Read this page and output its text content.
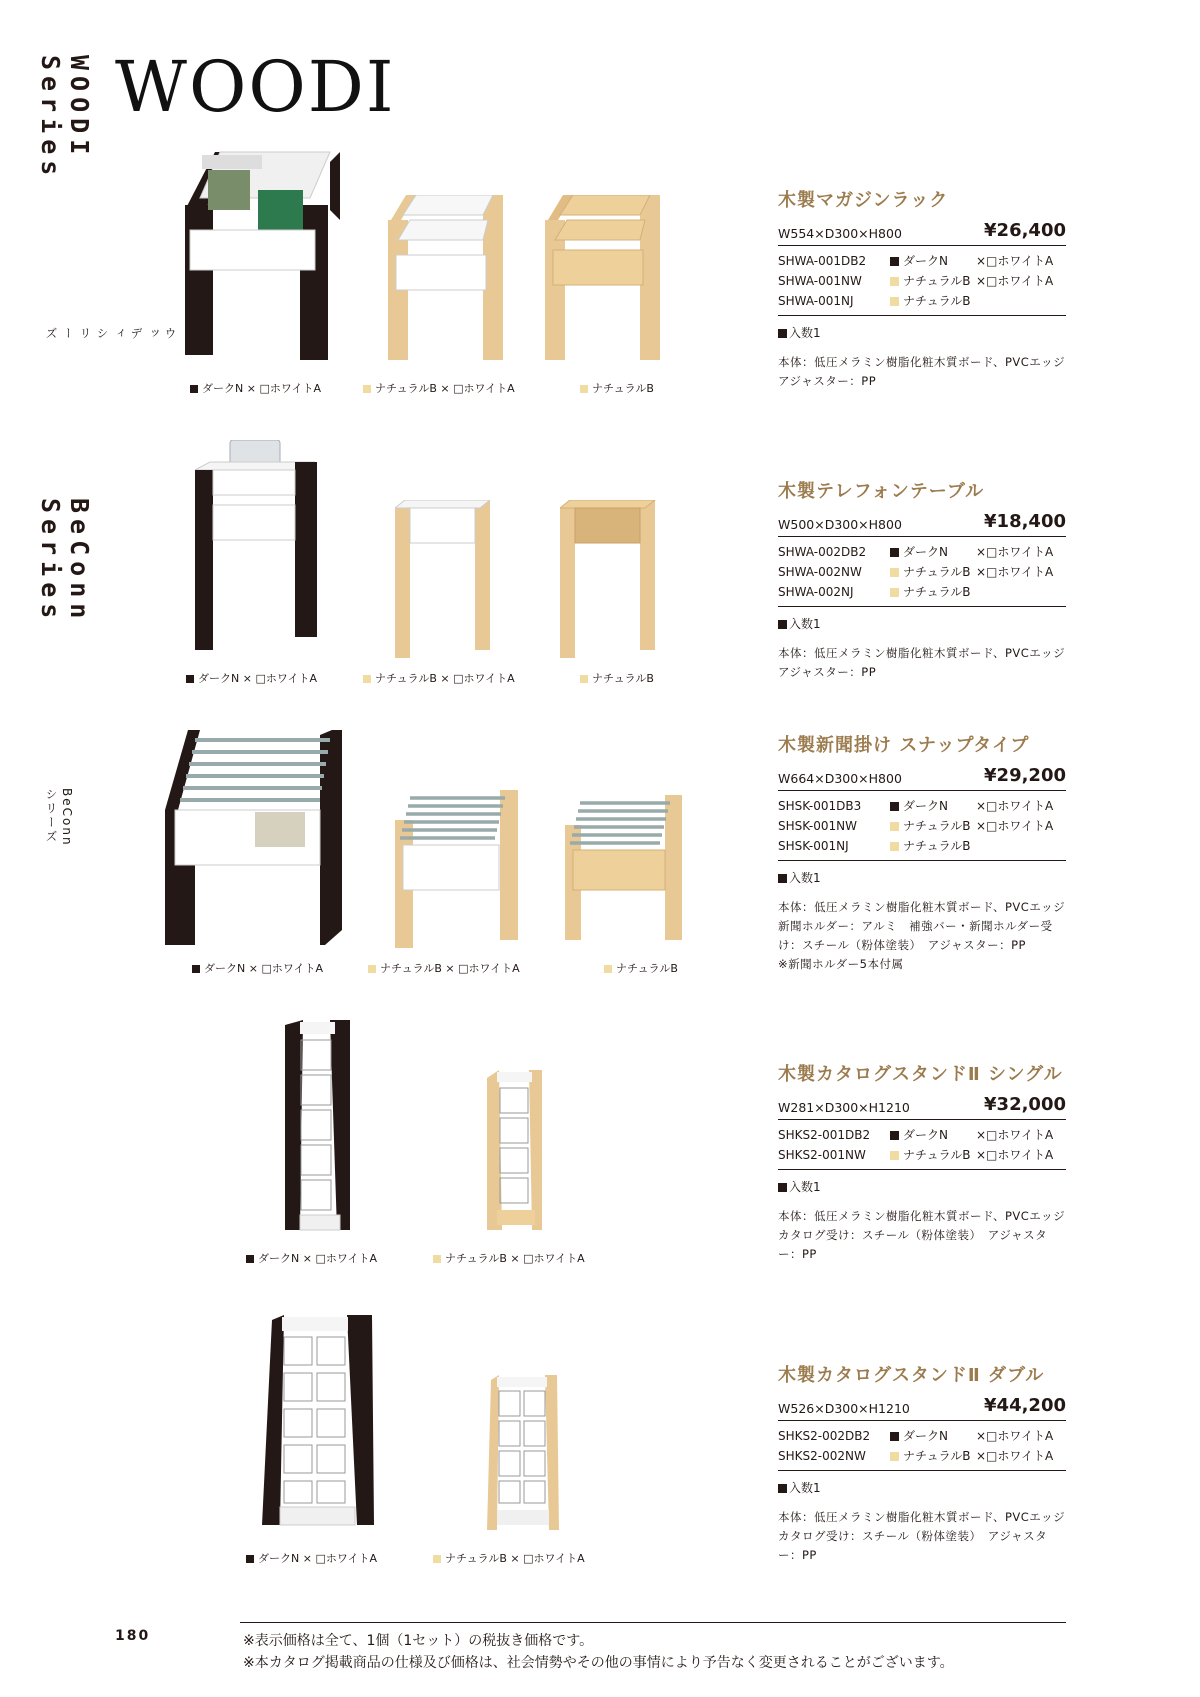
WOODI Series
ウッディシリーズ
BeConn Series
BeConnシリーズ
WOODI
ダークN × □ホワイトA	ナチュラルB × □ホワイトA	ナチュラルB
ダークN × □ホワイトA	ナチュラルB × □ホワイトA	ナチュラルB
ダークN × □ホワイトA	ナチュラルB × □ホワイトA	ナチュラルB
ダークN × □ホワイトA	ナチュラルB × □ホワイトA
ダークN × □ホワイトA	ナチュラルB × □ホワイトA
木製マガジンラック
W554×D300×H800	¥26,400
SHWA-001DB2	ダークN	×□ホワイトA
SHWA-001NW	ナチュラルB ×□ホワイトA
SHWA-001NJ	ナチュラルB
入数1
本体：低圧メラミン樹脂化粧木質ボード、PVCエッジ　アジャスター：PP
木製テレフォンテーブル
W500×D300×H800	¥18,400
SHWA-002DB2	ダークN	×□ホワイトA
SHWA-002NW	ナチュラルB ×□ホワイトA
SHWA-002NJ	ナチュラルB
入数1
本体：低圧メラミン樹脂化粧木質ボード、PVCエッジ　アジャスター：PP
木製新聞掛け スナップタイプ
W664×D300×H800	¥29,200
SHSK-001DB3	ダークN	×□ホワイトA
SHSK-001NW	ナチュラルB ×□ホワイトA
SHSK-001NJ	ナチュラルB
入数1
本体：低圧メラミン樹脂化粧木質ボード、PVCエッジ　新聞ホルダー：アルミ　補強バー・新聞ホルダー受け：スチール（粉体塗装）　アジャスター：PP
※新聞ホルダー5本付属
木製カタログスタンドⅡ シングル
W281×D300×H1210	¥32,000
SHKS2-001DB2	ダークN	×□ホワイトA
SHKS2-001NW	ナチュラルB ×□ホワイトA
入数1
本体：低圧メラミン樹脂化粧木質ボード、PVCエッジ　カタログ受け：スチール（粉体塗装）　アジャスター：PP
木製カタログスタンドⅡ ダブル
W526×D300×H1210	¥44,200
SHKS2-002DB2	ダークN	×□ホワイトA
SHKS2-002NW	ナチュラルB ×□ホワイトA
入数1
本体：低圧メラミン樹脂化粧木質ボード、PVCエッジ　カタログ受け：スチール（粉体塗装）　アジャスター：PP
180	※表示価格は全て、1個（1セット）の税抜き価格です。
※本カタログ掲載商品の仕様及び価格は、社会情勢やその他の事情により予告なく変更されることがございます。
